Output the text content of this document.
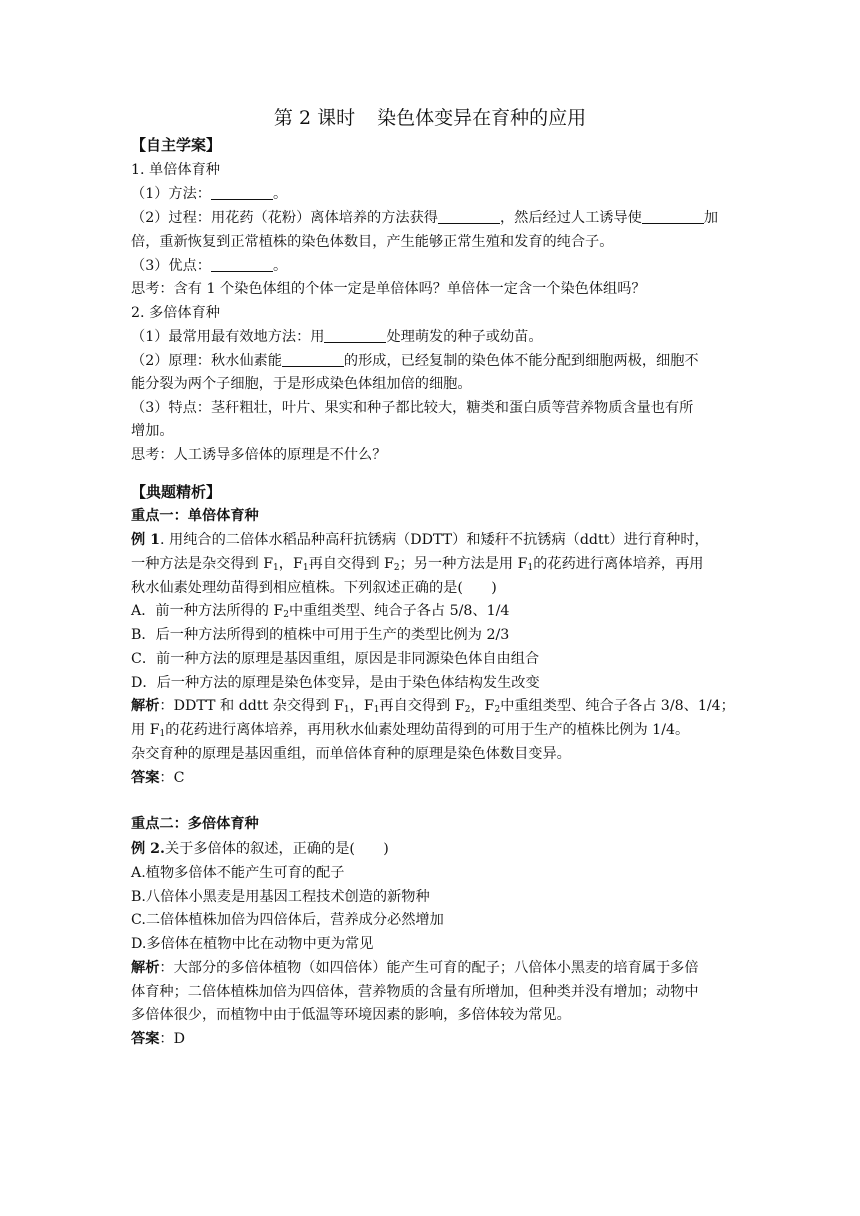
第 2 课时 染色体变异在育种的应用
【自主学案】
1. 单倍体育种
（1）方法：	。
（2）过程：用花药（花粉）离体培养的方法获得	，然后经过人工诱导使	加
倍，重新恢复到正常植株的染色体数目，产生能够正常生殖和发育的纯合子。
（3）优点：	。
思考：含有 1 个染色体组的个体一定是单倍体吗？单倍体一定含一个染色体组吗？
2. 多倍体育种
（1）最常用最有效地方法：用	处理萌发的种子或幼苗。
（2）原理：秋水仙素能	的形成，已经复制的染色体不能分配到细胞两极，细胞不
能分裂为两个子细胞，于是形成染色体组加倍的细胞。
（3）特点：茎秆粗壮，叶片、果实和种子都比较大，糖类和蛋白质等营养物质含量也有所
增加。
思考：人工诱导多倍体的原理是不什么？
【典题精析】
重点一：单倍体育种
例 1. 用纯合的二倍体水稻品种高秆抗锈病（DDTT）和矮秆不抗锈病（ddtt）进行育种时，
一种方法是杂交得到 $F_1$，$F_1$再自交得到 $F_2$；另一种方法是用 $F_1$的花药进行离体培养，再用
秋水仙素处理幼苗得到相应植株。下列叙述正确的是(　　)
A．前一种方法所得的 $F_2$中重组类型、纯合子各占 5/8、1/4
B．后一种方法所得到的植株中可用于生产的类型比例为 2/3
C．前一种方法的原理是基因重组，原因是非同源染色体自由组合
D．后一种方法的原理是染色体变异，是由于染色体结构发生改变
解析：DDTT 和 ddtt 杂交得到 $F_1$，$F_1$再自交得到 $F_2$，$F_2$中重组类型、纯合子各占 3/8、1/4；
用 $F_1$的花药进行离体培养，再用秋水仙素处理幼苗得到的可用于生产的植株比例为 1/4。
杂交育种的原理是基因重组，而单倍体育种的原理是染色体数目变异。
答案：C
重点二：多倍体育种
例 2.关于多倍体的叙述，正确的是(　　)
A.植物多倍体不能产生可育的配子
B.八倍体小黑麦是用基因工程技术创造的新物种
C.二倍体植株加倍为四倍体后，营养成分必然增加
D.多倍体在植物中比在动物中更为常见
解析：大部分的多倍体植物（如四倍体）能产生可育的配子；八倍体小黑麦的培育属于多倍
体育种；二倍体植株加倍为四倍体，营养物质的含量有所增加，但种类并没有增加；动物中
多倍体很少，而植物中由于低温等环境因素的影响，多倍体较为常见。
答案：D
